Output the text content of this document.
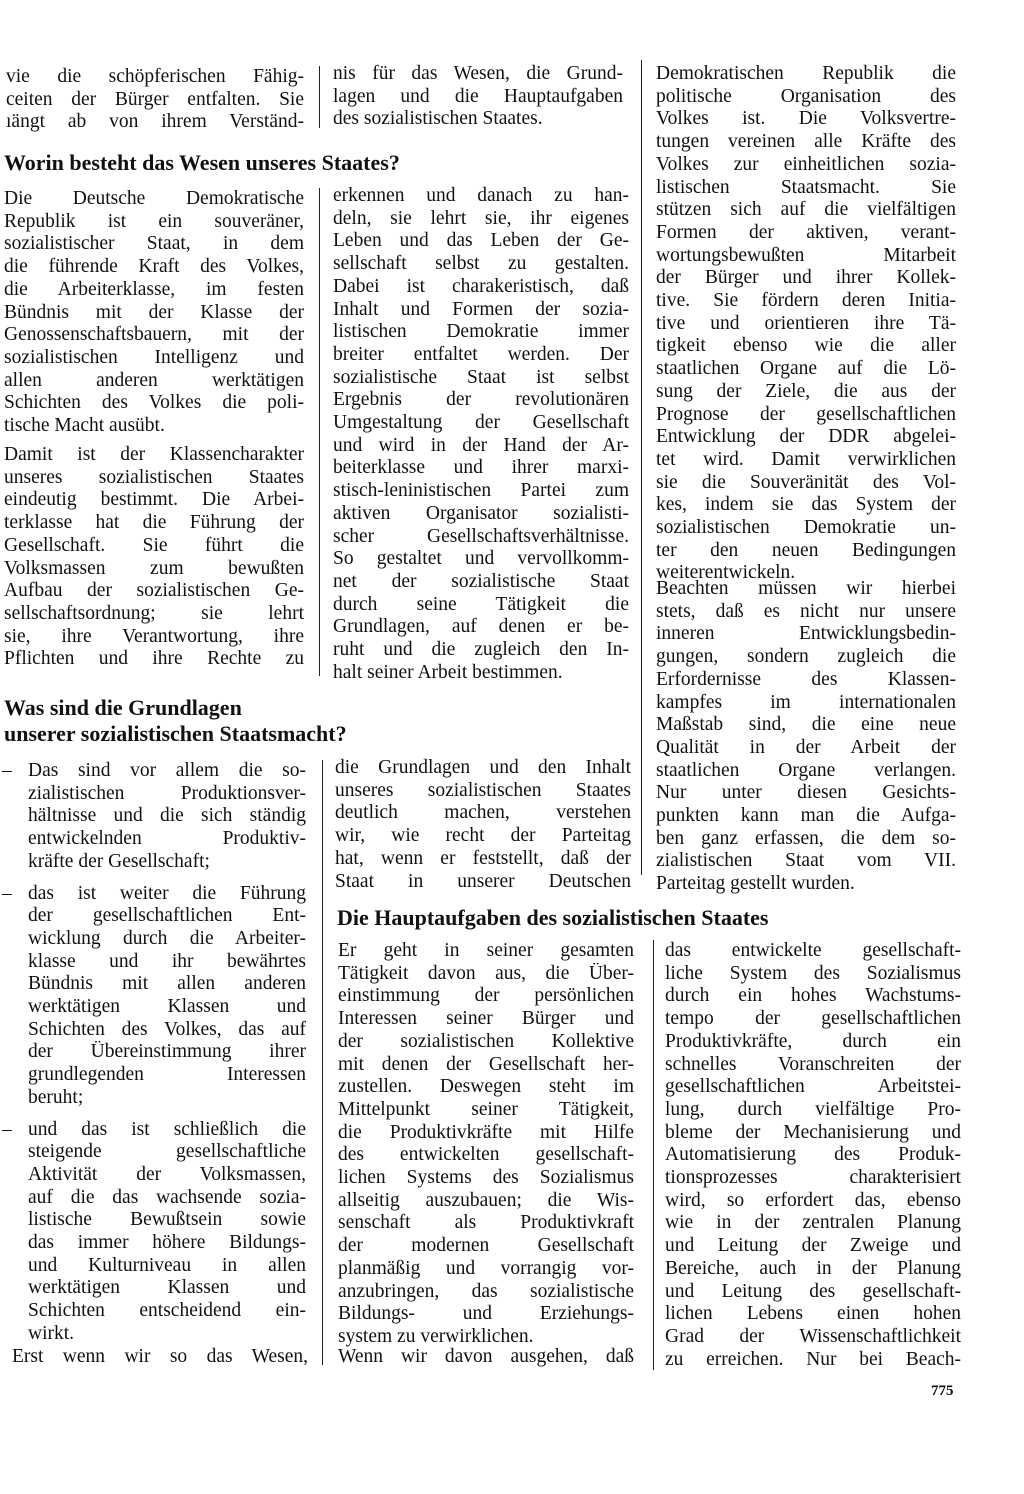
vie die schöpferischen Fähig-
ceiten der Bürger entfalten. Sie
ıängt ab von ihrem Verständ-
nis für das Wesen, die Grund-
lagen und die Hauptaufgaben
des sozialistischen Staates.
Demokratischen Republik die
politische Organisation des
Volkes ist. Die Volksvertre-
tungen vereinen alle Kräfte des
Volkes zur einheitlichen sozia-
listischen Staatsmacht. Sie
stützen sich auf die vielfältigen
Formen der aktiven, verant-
wortungsbewußten Mitarbeit
der Bürger und ihrer Kollek-
tive. Sie fördern deren Initia-
tive und orientieren ihre Tä-
tigkeit ebenso wie die aller
staatlichen Organe auf die Lö-
sung der Ziele, die aus der
Prognose der gesellschaftlichen
Entwicklung der DDR abgelei-
tet wird. Damit verwirklichen
sie die Souveränität des Vol-
kes, indem sie das System der
sozialistischen Demokratie un-
ter den neuen Bedingungen
weiterentwickeln.
Beachten müssen wir hierbei
stets, daß es nicht nur unsere
inneren Entwicklungsbedin-
gungen, sondern zugleich die
Erfordernisse des Klassen-
kampfes im internationalen
Maßstab sind, die eine neue
Qualität in der Arbeit der
staatlichen Organe verlangen.
Nur unter diesen Gesichts-
punkten kann man die Aufga-
ben ganz erfassen, die dem so-
zialistischen Staat vom VII.
Parteitag gestellt wurden.
Worin besteht das Wesen unseres Staates?
Die Deutsche Demokratische
Republik ist ein souveräner,
sozialistischer Staat, in dem
die führende Kraft des Volkes,
die Arbeiterklasse, im festen
Bündnis mit der Klasse der
Genossenschaftsbauern, mit der
sozialistischen Intelligenz und
allen anderen werktätigen
Schichten des Volkes die poli-
tische Macht ausübt.
Damit ist der Klassencharakter
unseres sozialistischen Staates
eindeutig bestimmt. Die Arbei-
terklasse hat die Führung der
Gesellschaft. Sie führt die
Volksmassen zum bewußten
Aufbau der sozialistischen Ge-
sellschaftsordnung; sie lehrt
sie, ihre Verantwortung, ihre
Pflichten und ihre Rechte zu
erkennen und danach zu han-
deln, sie lehrt sie, ihr eigenes
Leben und das Leben der Ge-
sellschaft selbst zu gestalten.
Dabei ist charakeristisch, daß
Inhalt und Formen der sozia-
listischen Demokratie immer
breiter entfaltet werden. Der
sozialistische Staat ist selbst
Ergebnis der revolutionären
Umgestaltung der Gesellschaft
und wird in der Hand der Ar-
beiterklasse und ihrer marxi-
stisch-leninistischen Partei zum
aktiven Organisator sozialisti-
scher Gesellschaftsverhältnisse.
So gestaltet und vervollkomm-
net der sozialistische Staat
durch seine Tätigkeit die
Grundlagen, auf denen er be-
ruht und die zugleich den In-
halt seiner Arbeit bestimmen.
Was sind die Grundlagen
unserer sozialistischen Staatsmacht?
– Das sind vor allem die so-
zialistischen Produktionsver-
hältnisse und die sich ständig
entwickelnden Produktiv-
kräfte der Gesellschaft;
– das ist weiter die Führung
der gesellschaftlichen Ent-
wicklung durch die Arbeiter-
klasse und ihr bewährtes
Bündnis mit allen anderen
werktätigen Klassen und
Schichten des Volkes, das auf
der Übereinstimmung ihrer
grundlegenden Interessen
beruht;
– und das ist schließlich die
steigende gesellschaftliche
Aktivität der Volksmassen,
auf die das wachsende sozia-
listische Bewußtsein sowie
das immer höhere Bildungs-
und Kulturniveau in allen
werktätigen Klassen und
Schichten entscheidend ein-
wirkt.
Erst wenn wir so das Wesen,
die Grundlagen und den Inhalt
unseres sozialistischen Staates
deutlich machen, verstehen
wir, wie recht der Parteitag
hat, wenn er feststellt, daß der
Staat in unserer Deutschen
Die Hauptaufgaben des sozialistischen Staates
Er geht in seiner gesamten
Tätigkeit davon aus, die Über-
einstimmung der persönlichen
Interessen seiner Bürger und
der sozialistischen Kollektive
mit denen der Gesellschaft her-
zustellen. Deswegen steht im
Mittelpunkt seiner Tätigkeit,
die Produktivkräfte mit Hilfe
des entwickelten gesellschaft-
lichen Systems des Sozialismus
allseitig auszubauen; die Wis-
senschaft als Produktivkraft
der modernen Gesellschaft
planmäßig und vorrangig vor-
anzubringen, das sozialistische
Bildungs- und Erziehungs-
system zu verwirklichen.
Wenn wir davon ausgehen, daß
das entwickelte gesellschaft-
liche System des Sozialismus
durch ein hohes Wachstums-
tempo der gesellschaftlichen
Produktivkräfte, durch ein
schnelles Voranschreiten der
gesellschaftlichen Arbeitstei-
lung, durch vielfältige Pro-
bleme der Mechanisierung und
Automatisierung des Produk-
tionsprozesses charakterisiert
wird, so erfordert das, ebenso
wie in der zentralen Planung
und Leitung der Zweige und
Bereiche, auch in der Planung
und Leitung des gesellschaft-
lichen Lebens einen hohen
Grad der Wissenschaftlichkeit
zu erreichen. Nur bei Beach-
775
